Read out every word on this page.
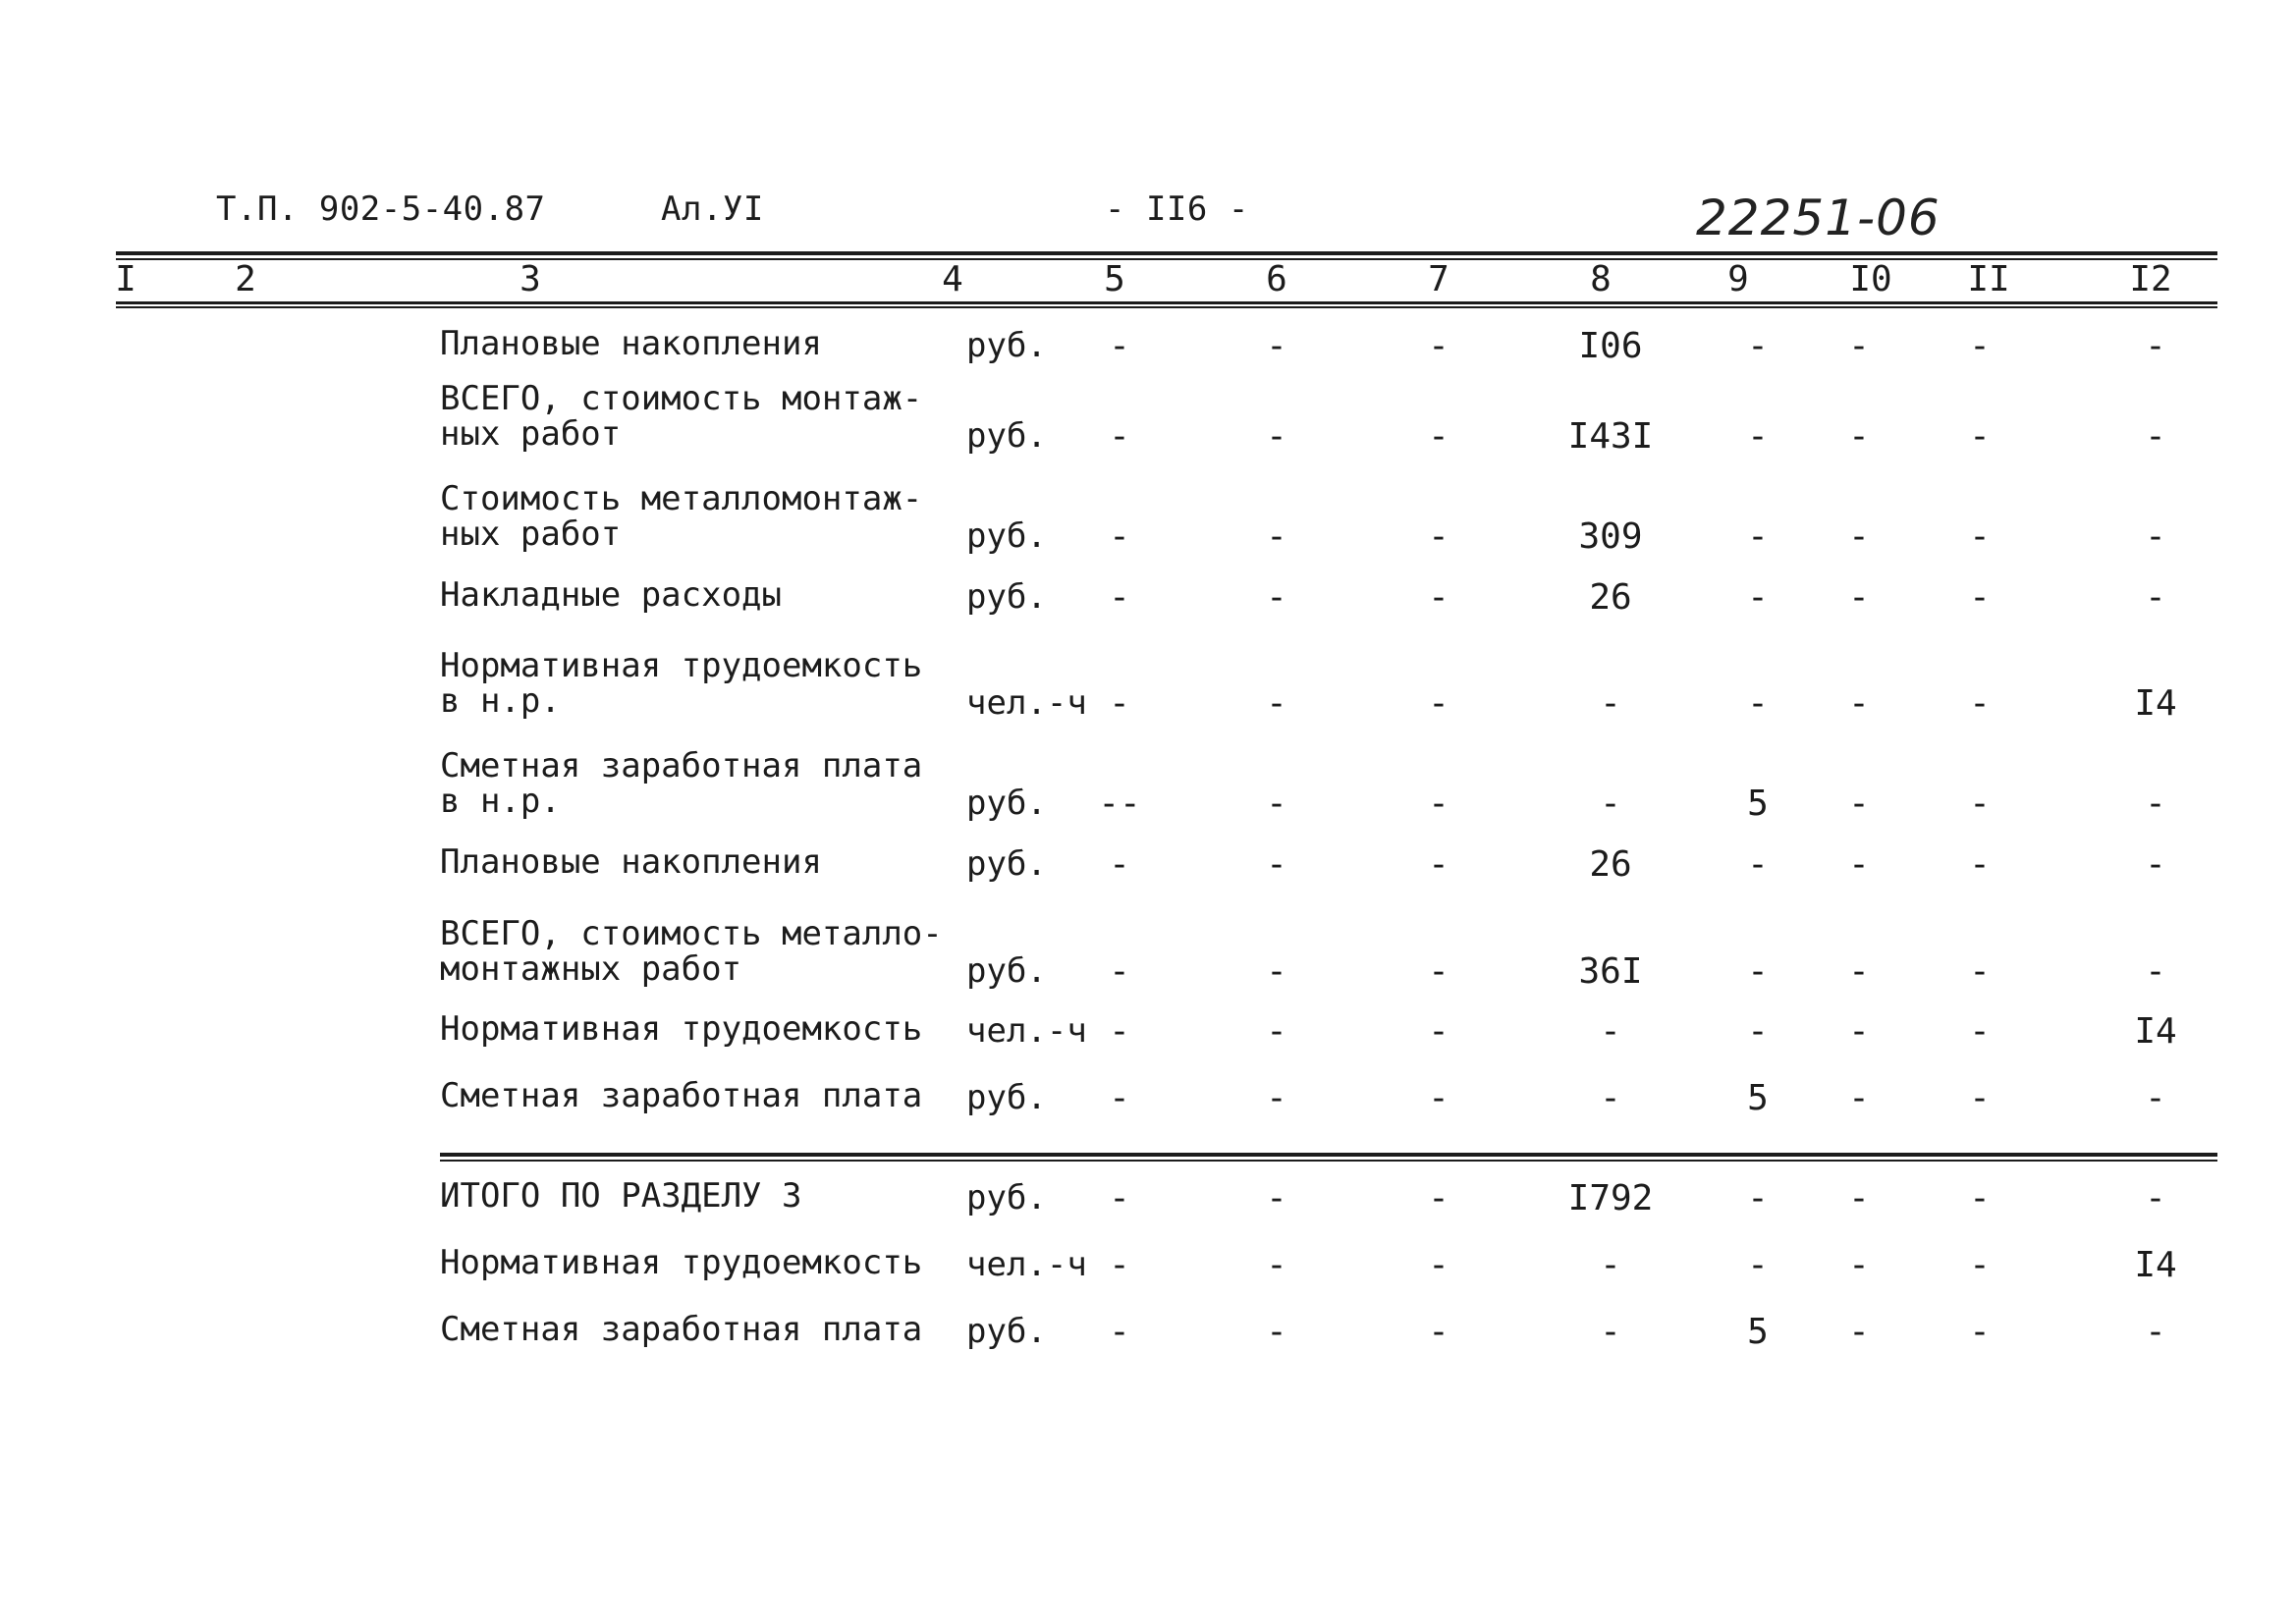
Т.П. 902-5-40.87	Ал.УI	- II6 -	22251-06
I	2	3	4	5	6	7	8	9	I0	II	I2
Плановые накопления	руб.	-	-	-	I06	-	-	-	-
ВСЕГО, стоимость монтаж-
ных работ	руб.	-	-	-	I43I	-	-	-	-
Стоимость металломонтаж-
ных работ	руб.	-	-	-	309	-	-	-	-
Накладные расходы	руб.	-	-	-	26	-	-	-	-
Нормативная трудоемкость
в н.р.	чел.-ч -	-	-	-	-	-	-	I4
Сметная заработная плата
в н.р.	руб.	--	-	-	-	5	-	-	-
Плановые накопления	руб.	-	-	-	26	-	-	-	-
ВСЕГО, стоимость металло-
монтажных работ	руб.	-	-	-	36I	-	-	-	-
Нормативная трудоемкость	чел.-ч -	-	-	-	-	-	-	I4
Сметная заработная плата	руб.	-	-	-	-	5	-	-	-
ИТОГО ПО РАЗДЕЛУ 3	руб.	-	-	-	I792	-	-	-	-
Нормативная трудоемкость	чел.-ч -	-	-	-	-	-	-	I4
Сметная заработная плата	руб.	-	-	-	-	5	-	-	-
